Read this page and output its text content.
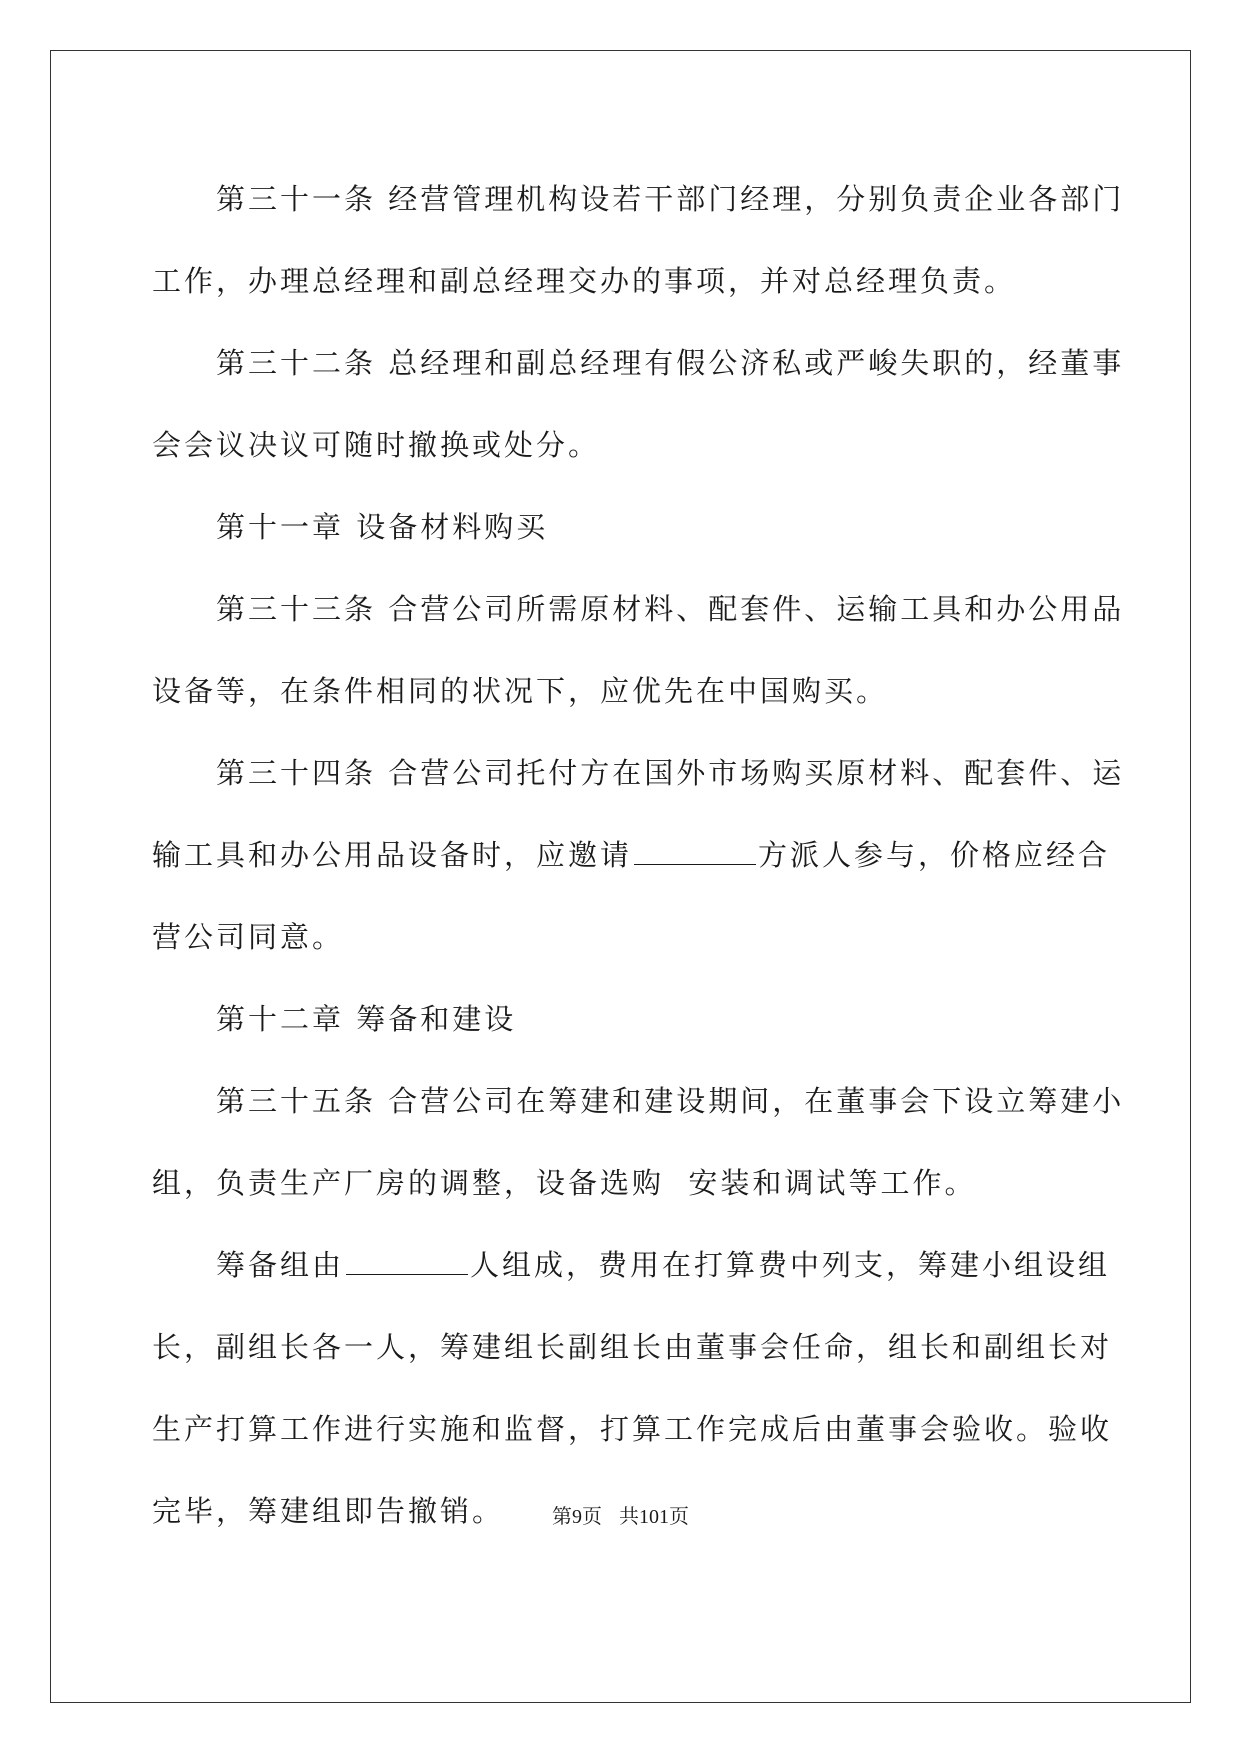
第三十一条 经营管理机构设若干部门经理，分别负责企业各部门
工作，办理总经理和副总经理交办的事项，并对总经理负责。
第三十二条 总经理和副总经理有假公济私或严峻失职的，经董事
会会议决议可随时撤换或处分。
第十一章 设备材料购买
第三十三条 合营公司所需原材料、配套件、运输工具和办公用品
设备等，在条件相同的状况下，应优先在中国购买。
第三十四条 合营公司托付方在国外市场购买原材料、配套件、运
输工具和办公用品设备时，应邀请	方派人参与，价格应经合
营公司同意。
第十二章 筹备和建设
第三十五条 合营公司在筹建和建设期间，在董事会下设立筹建小
组，负责生产厂房的调整，设备选购  安装和调试等工作。
筹备组由	人组成，费用在打算费中列支，筹建小组设组
长，副组长各一人，筹建组长副组长由董事会任命，组长和副组长对
生产打算工作进行实施和监督，打算工作完成后由董事会验收。验收
完毕，筹建组即告撤销。	第9页 共101页
